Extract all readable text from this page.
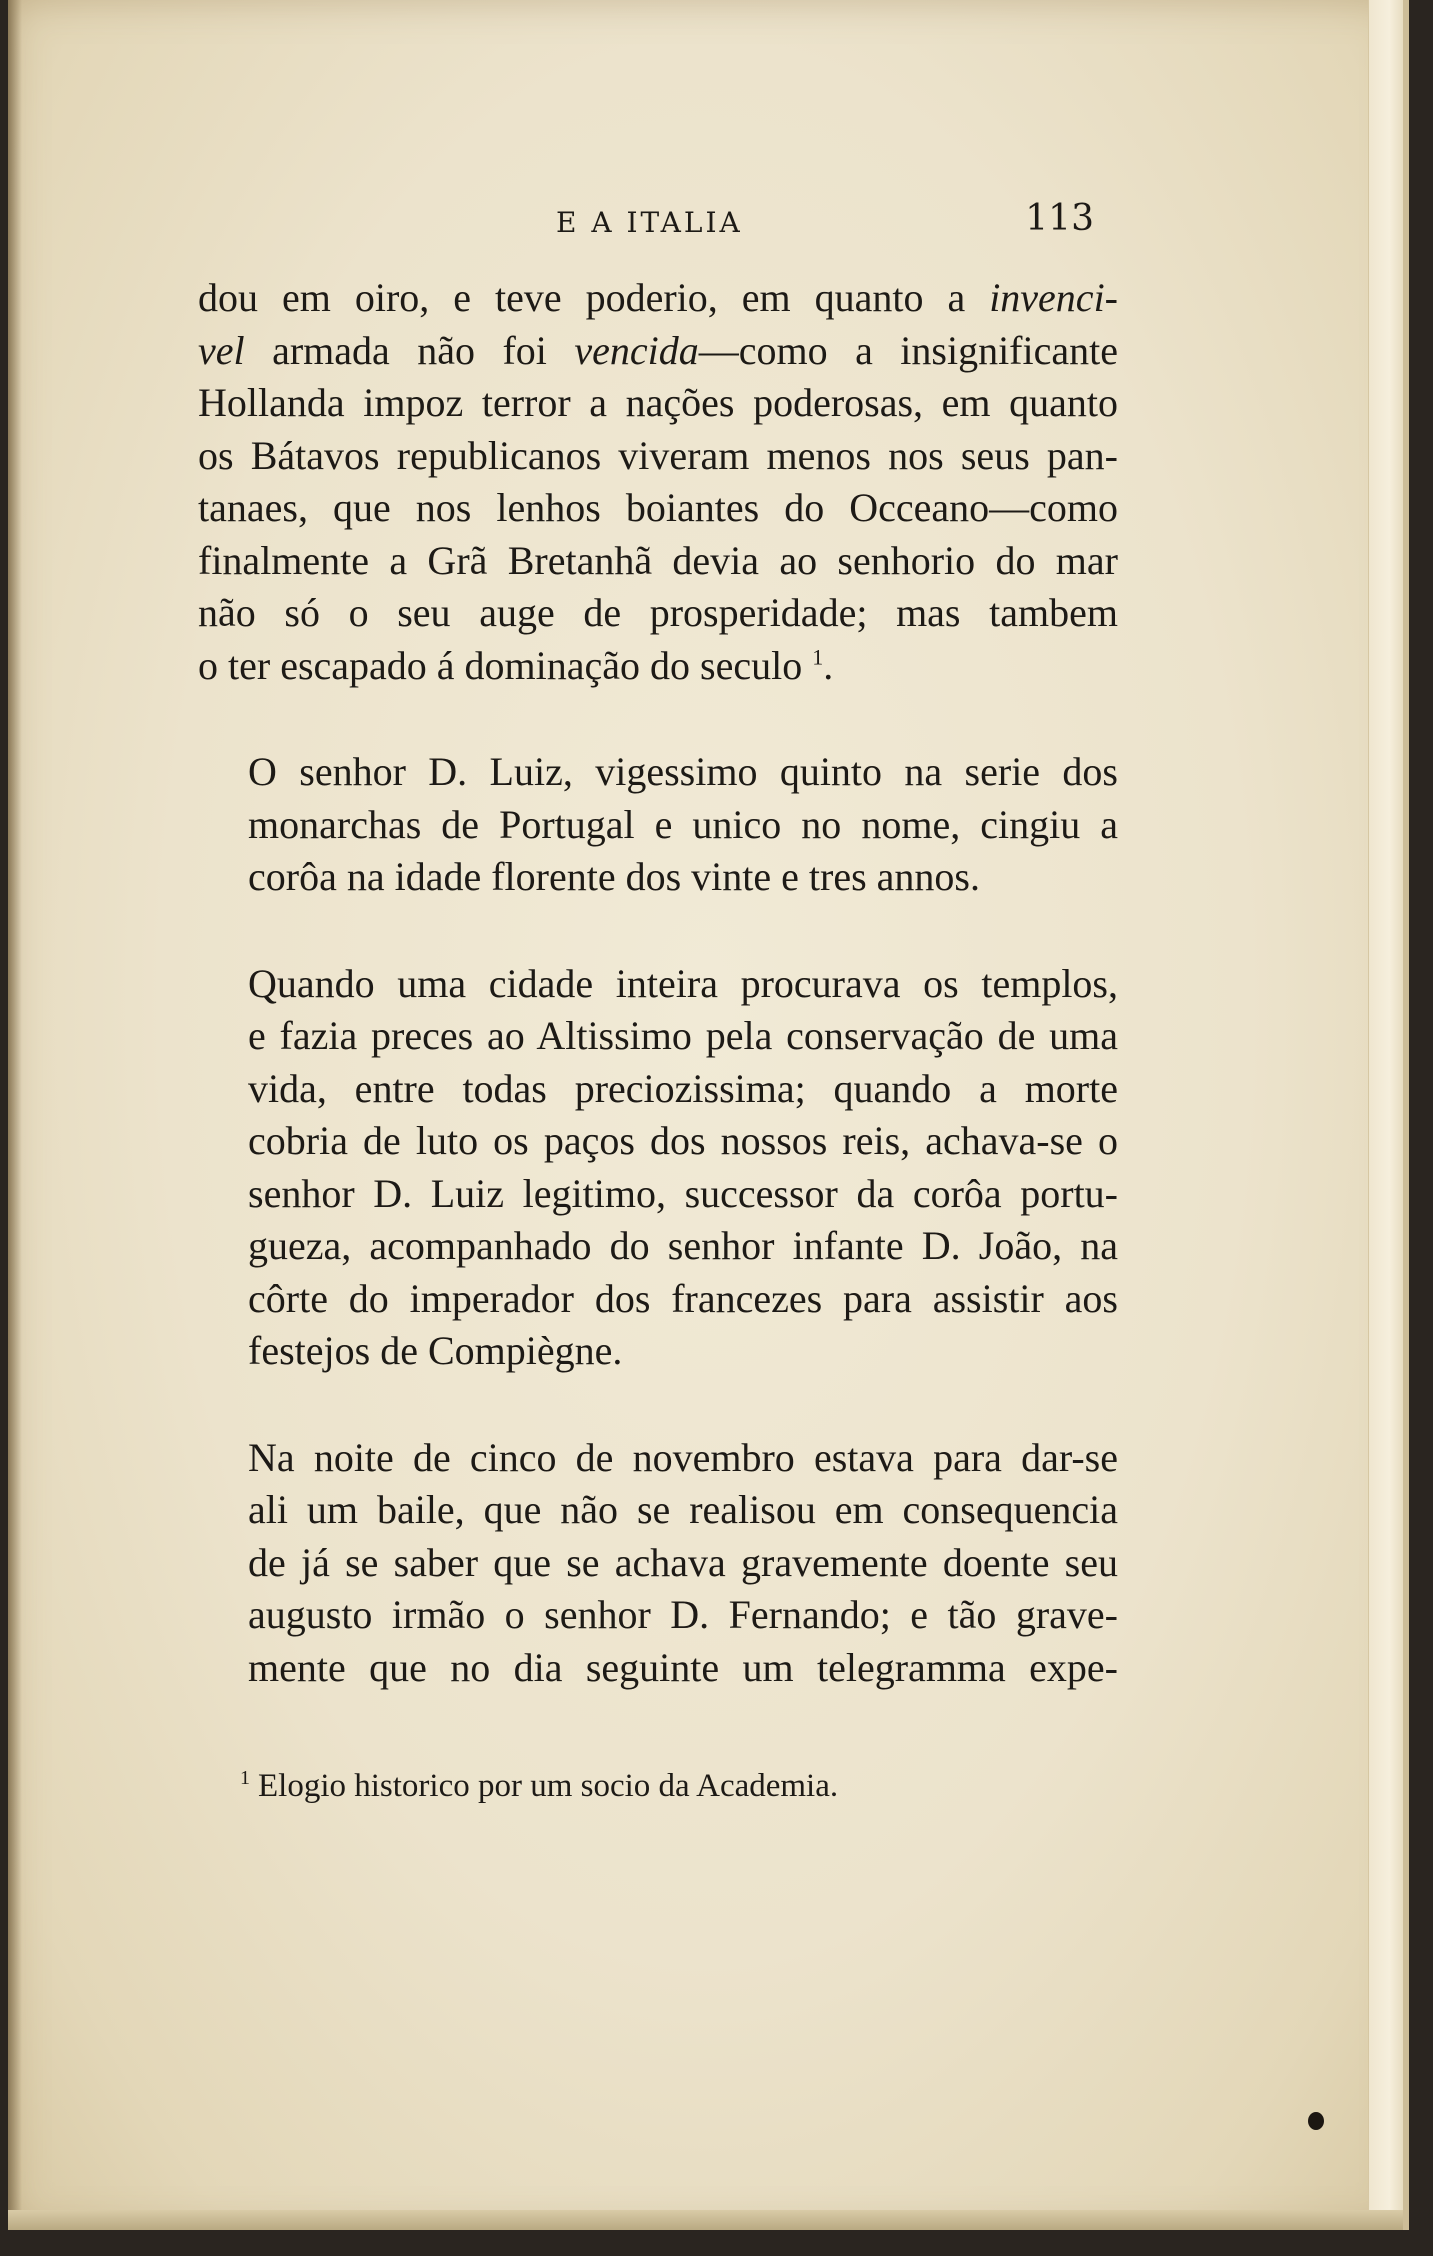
E A ITALIA	113

dou em oiro, e teve poderio, em quanto a invenci-
vel armada não foi vencida—como a insignificante
Hollanda impoz terror a nações poderosas, em quanto
os Bátavos republicanos viveram menos nos seus pan-
tanaes, que nos lenhos boiantes do Occeano—como
finalmente a Grã Bretanhã devia ao senhorio do mar
não só o seu auge de prosperidade; mas tambem
o ter escapado á dominação do seculo $^1$.

O senhor D. Luiz, vigessimo quinto na serie dos
monarchas de Portugal e unico no nome, cingiu a
corôa na idade florente dos vinte e tres annos.

Quando uma cidade inteira procurava os templos,
e fazia preces ao Altissimo pela conservação de uma
vida, entre todas preciozissima; quando a morte
cobria de luto os paços dos nossos reis, achava-se o
senhor D. Luiz legitimo, successor da corôa portu-
gueza, acompanhado do senhor infante D. João, na
côrte do imperador dos francezes para assistir aos
festejos de Compiègne.

Na noite de cinco de novembro estava para dar-se
ali um baile, que não se realisou em consequencia
de já se saber que se achava gravemente doente seu
augusto irmão o senhor D. Fernando; e tão grave-
mente que no dia seguinte um telegramma expe-

$^1$ Elogio historico por um socio da Academia.
